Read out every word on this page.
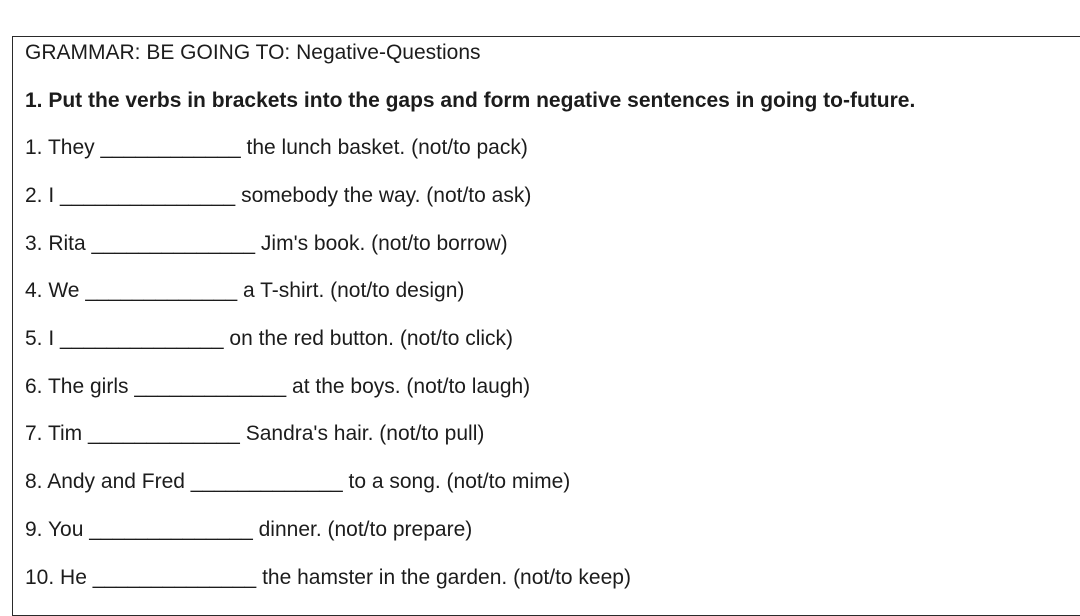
GRAMMAR: BE GOING TO: Negative-Questions
1. Put the verbs in brackets into the gaps and form negative sentences in going to-future.
1. They ____________ the lunch basket. (not/to pack)
2. I _______________ somebody the way. (not/to ask)
3. Rita ______________ Jim's book. (not/to borrow)
4. We _____________ a T-shirt. (not/to design)
5. I ______________ on the red button. (not/to click)
6. The girls _____________ at the boys. (not/to laugh)
7. Tim _____________ Sandra's hair. (not/to pull)
8. Andy and Fred _____________ to a song. (not/to mime)
9. You ______________ dinner. (not/to prepare)
10. He ______________ the hamster in the garden. (not/to keep)
